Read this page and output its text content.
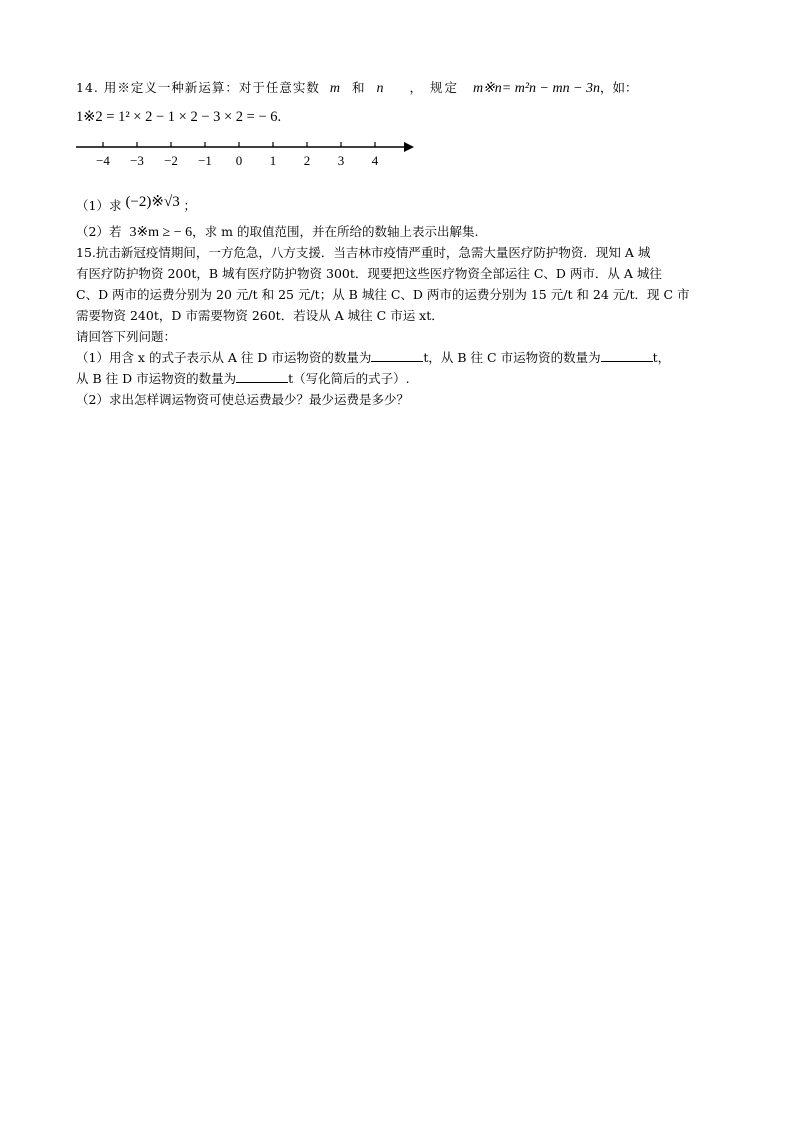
14. 用※定义一种新运算：对于任意实数 m 和 n ， 规定 m※n= m²n − mn − 3n，如：
1※2 = 1² × 2 − 1 × 2 − 3 × 2 = − 6.
−4 −3 −2 −1 0 1 2 3 4
（1）求 (−2)※√3 ；
（2）若 3※m ≥ − 6，求 m 的取值范围，并在所给的数轴上表示出解集.
15.抗击新冠疫情期间，一方危急，八方支援．当吉林市疫情严重时，急需大量医疗防护物资．现知 A 城
有医疗防护物资 200t，B 城有医疗防护物资 300t．现要把这些医疗物资全部运往 C、D 两市．从 A 城往
C、D 两市的运费分别为 20 元/t 和 25 元/t；从 B 城往 C、D 两市的运费分别为 15 元/t 和 24 元/t．现 C 市
需要物资 240t，D 市需要物资 260t．若设从 A 城往 C 市运 xt．
请回答下列问题：
（1）用含 x 的式子表示从 A 往 D 市运物资的数量为	t，从 B 往 C 市运物资的数量为	t，
从 B 往 D 市运物资的数量为	t（写化简后的式子）.
（2）求出怎样调运物资可使总运费最少？最少运费是多少？
